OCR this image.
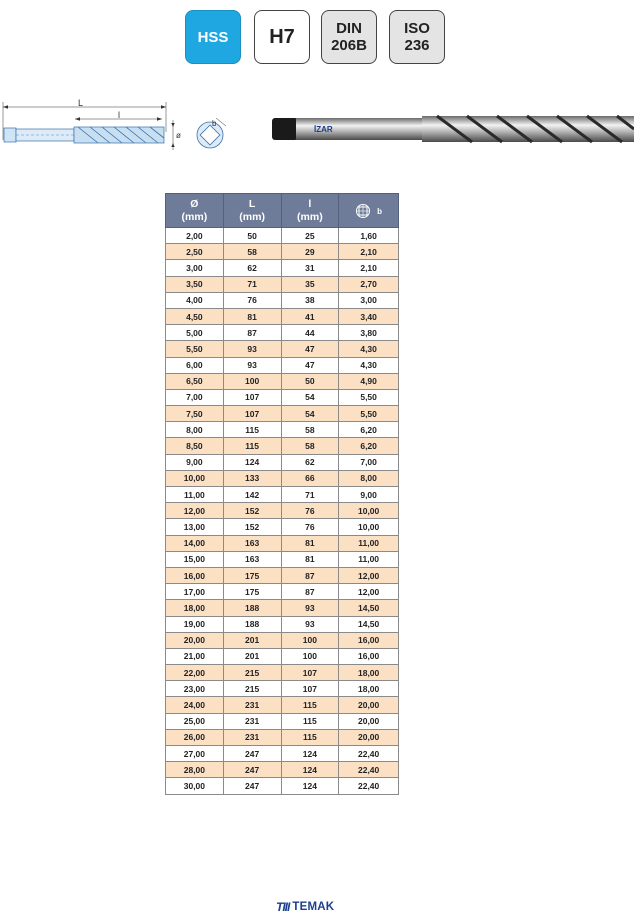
HSS H7	DIN
206B
ISO
236
L
l
ø
b
İZAR
Ø
(mm)	L
(mm)	l
(mm)	b
2,00	50	25	1,60
2,50	58	29	2,10
3,00	62	31	2,10
3,50	71	35	2,70
4,00	76	38	3,00
4,50	81	41	3,40
5,00	87	44	3,80
5,50	93	47	4,30
6,00	93	47	4,30
6,50	100	50	4,90
7,00	107	54	5,50
7,50	107	54	5,50
8,00	115	58	6,20
8,50	115	58	6,20
9,00	124	62	7,00
10,00	133	66	8,00
11,00	142	71	9,00
12,00	152	76	10,00
13,00	152	76	10,00
14,00	163	81	11,00
15,00	163	81	11,00
16,00	175	87	12,00
17,00	175	87	12,00
18,00	188	93	14,50
19,00	188	93	14,50
20,00	201	100	16,00
21,00	201	100	16,00
22,00	215	107	18,00
23,00	215	107	18,00
24,00	231	115	20,00
25,00	231	115	20,00
26,00	231	115	20,00
27,00	247	124	22,40
28,00	247	124	22,40
30,00	247	124	22,40
TIII TEMAK
